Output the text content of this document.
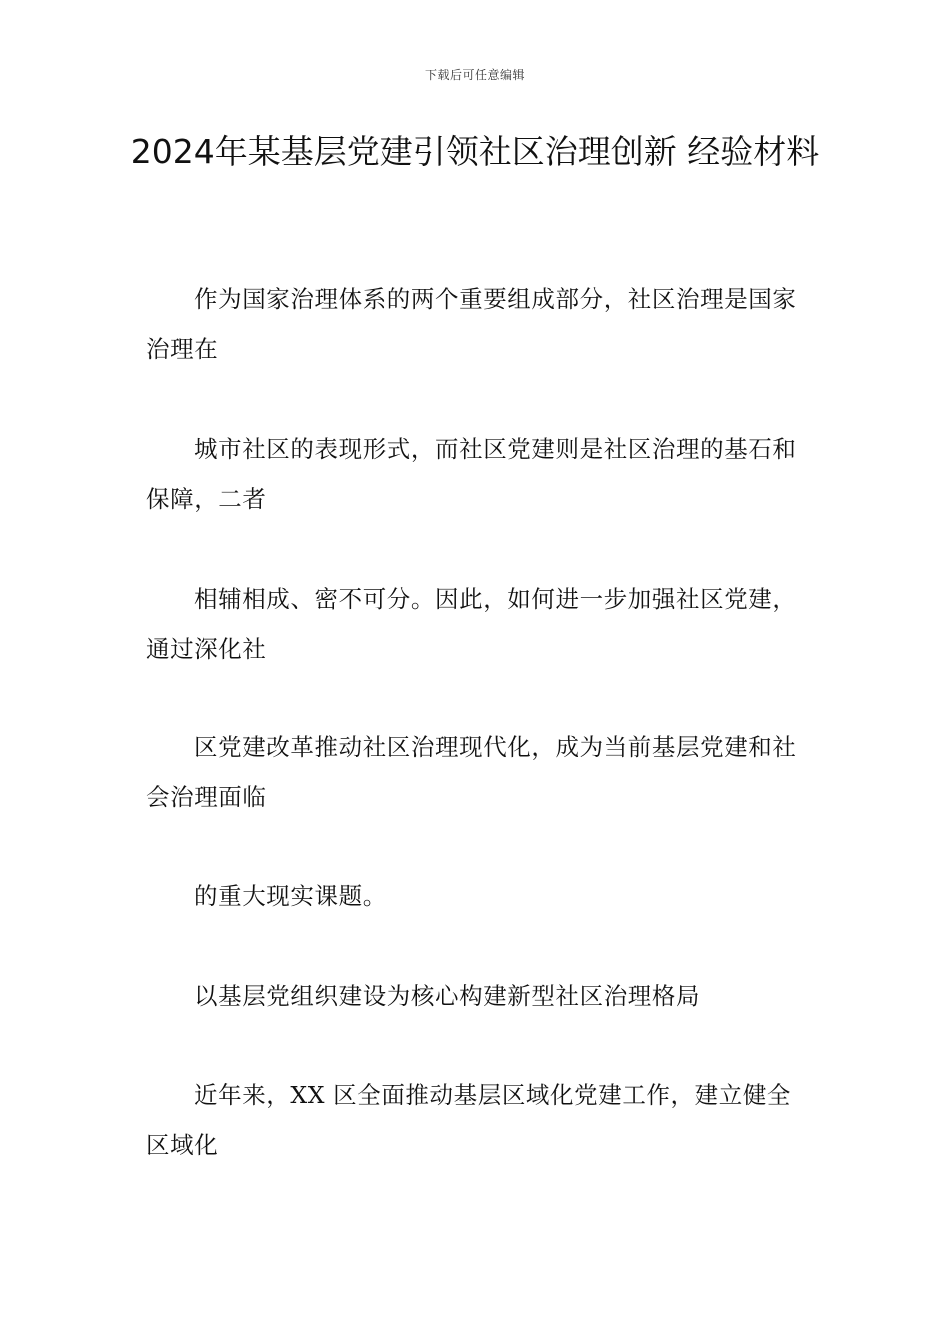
下载后可任意编辑
2024年某基层党建引领社区治理创新 经验材料

作为国家治理体系的两个重要组成部分，社区治理是国家治理在

城市社区的表现形式，而社区党建则是社区治理的基石和保障，二者

相辅相成、密不可分。因此，如何进一步加强社区党建，通过深化社

区党建改革推动社区治理现代化，成为当前基层党建和社会治理面临

的重大现实课题。

以基层党组织建设为核心构建新型社区治理格局

近年来，XX 区全面推动基层区域化党建工作，建立健全区域化
